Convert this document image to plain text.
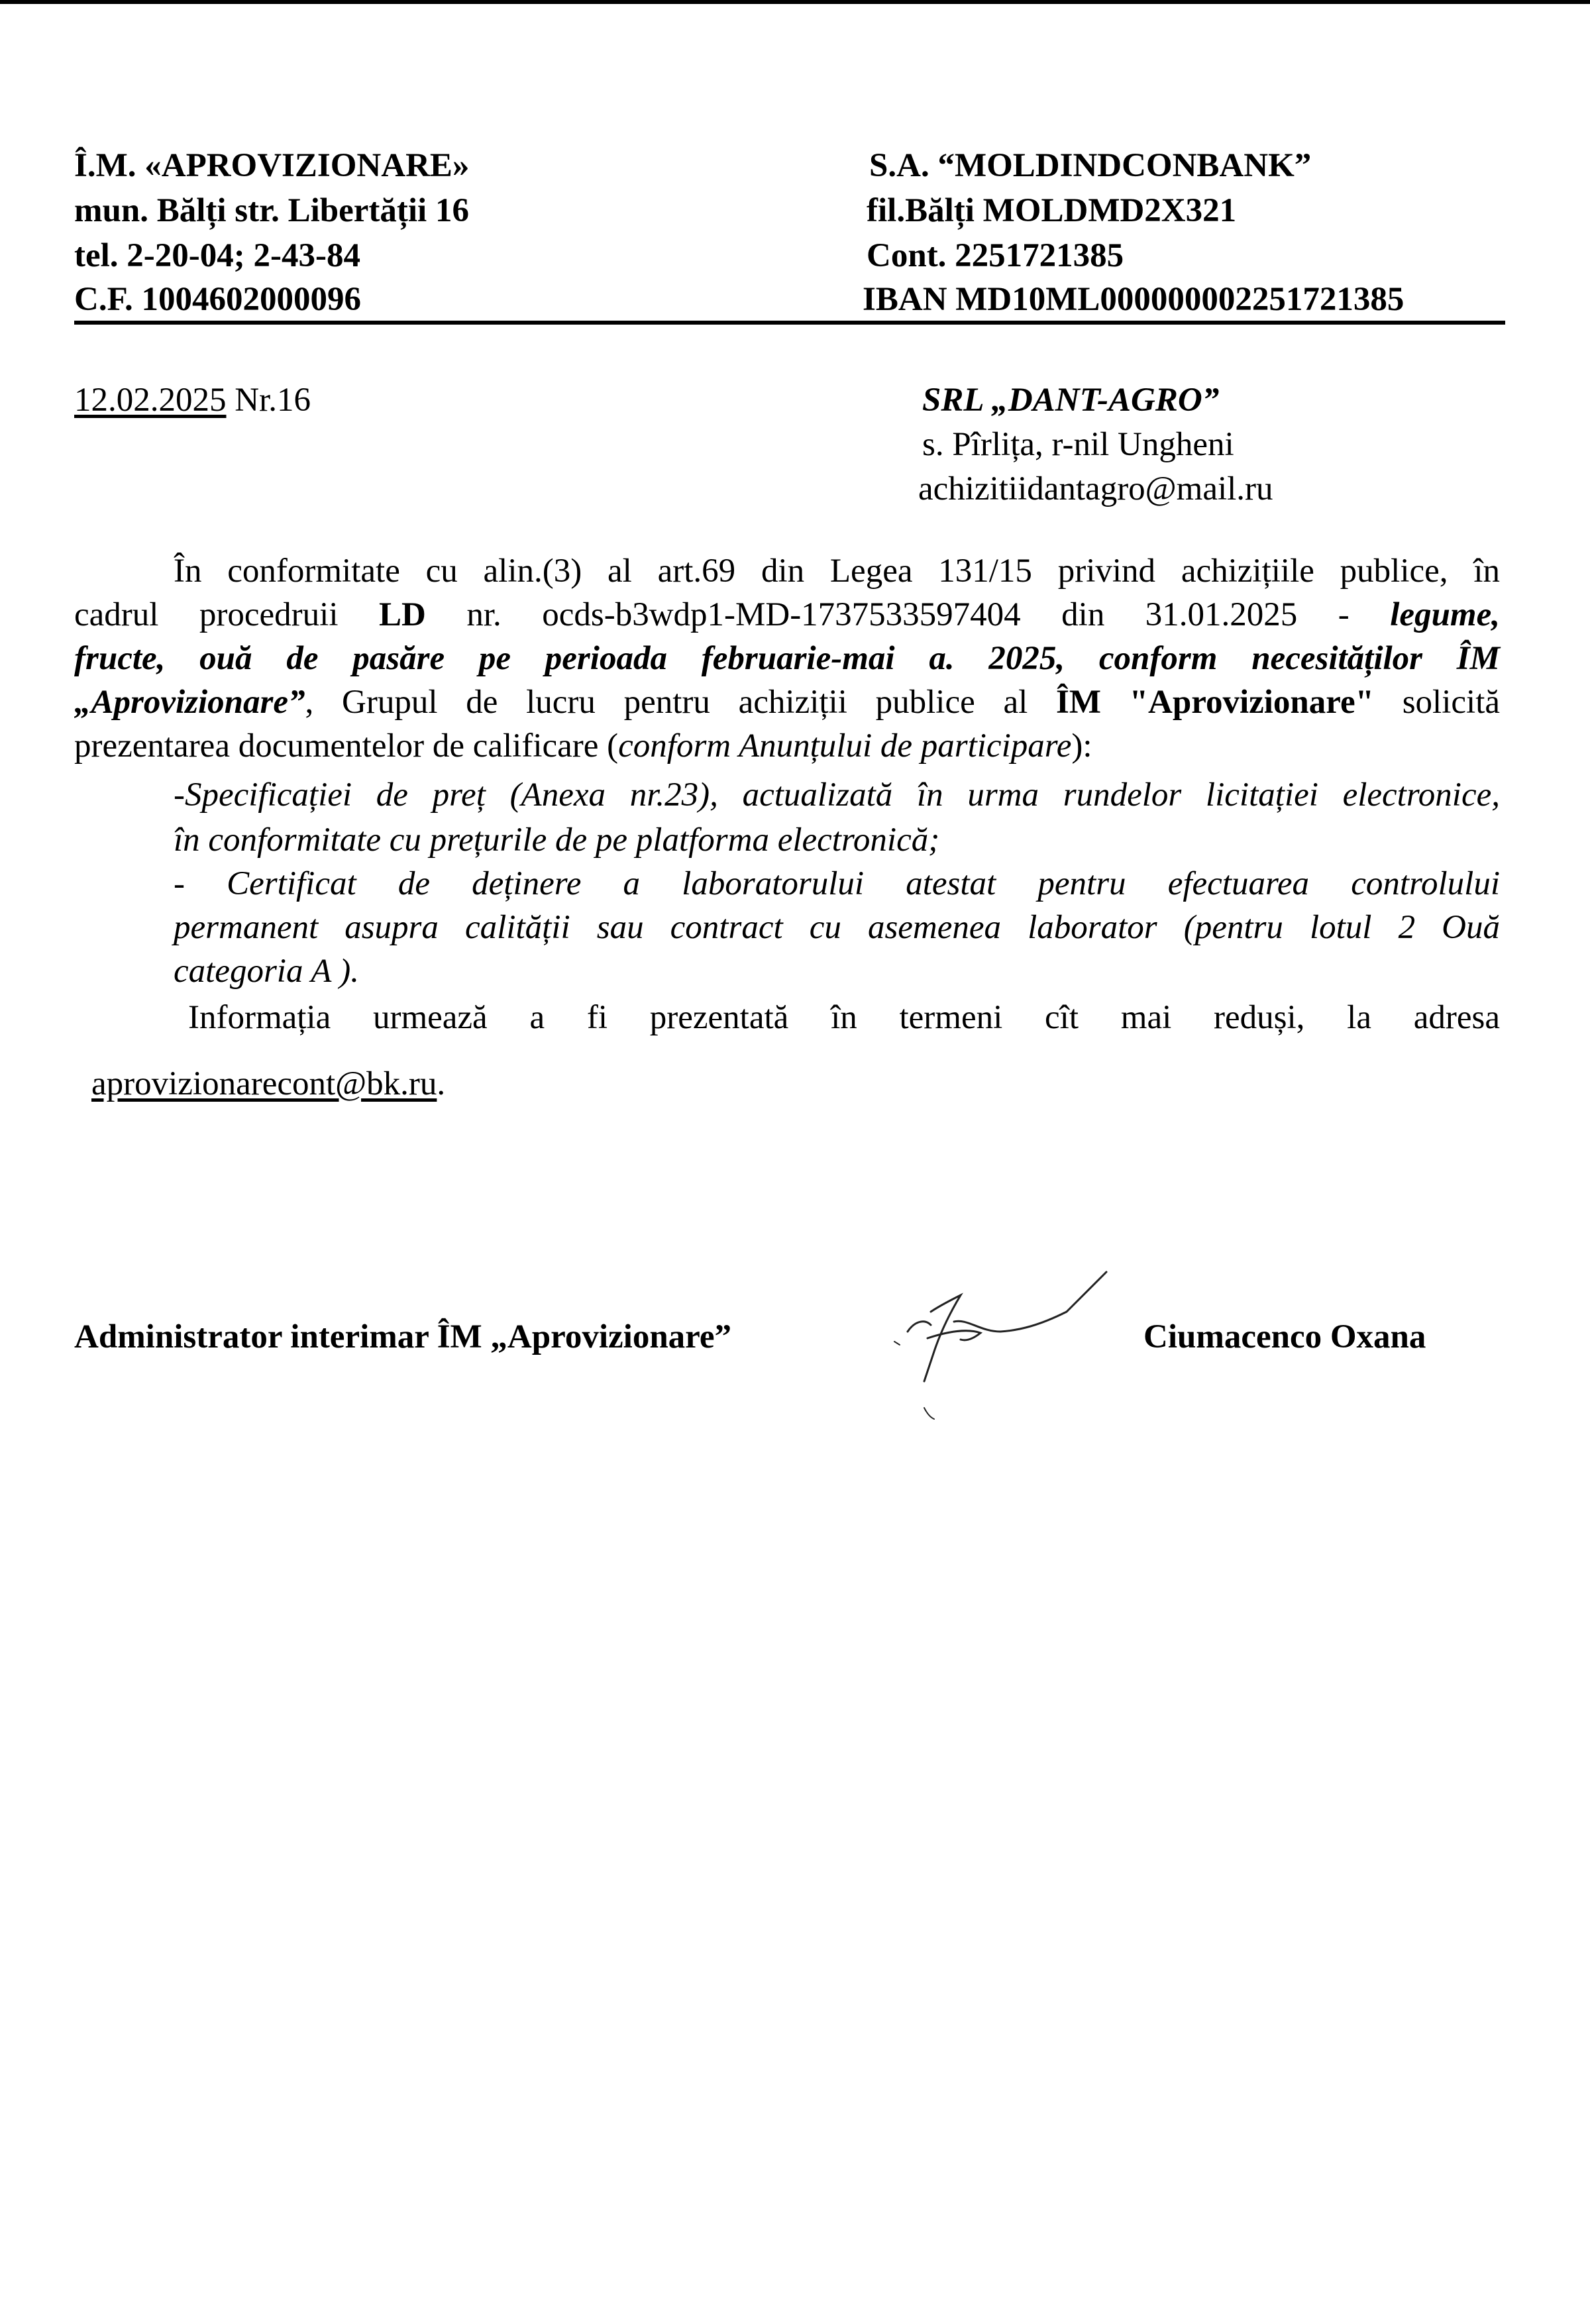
Î.M. «APROVIZIONARE»
mun. Bălți str. Libertății 16
tel. 2-20-04; 2-43-84
C.F. 1004602000096
S.A. “MOLDINDCONBANK”
fil.Bălți MOLDMD2X321
Cont. 2251721385
IBAN MD10ML000000002251721385
12.02.2025 Nr.16	SRL „DANT-AGRO”
s. Pîrlița, r-nil Ungheni
achizitiidantagro@mail.ru
În conformitate cu alin.(3) al art.69 din Legea 131/15 privind achizițiile publice, în
cadrul procedruii LD nr. ocds-b3wdp1-MD-1737533597404 din 31.01.2025 - legume,
fructe, ouă de pasăre pe perioada februarie-mai a. 2025, conform necesităților ÎM
„Aprovizionare”, Grupul de lucru pentru achiziții publice al ÎM "Aprovizionare" solicită
prezentarea documentelor de calificare (conform Anunțului de participare):
-Specificației de preț (Anexa nr.23), actualizată în urma rundelor licitației electronice,
în conformitate cu prețurile de pe platforma electronică;
- Certificat de deținere a laboratorului atestat pentru efectuarea controlului
permanent asupra calității sau contract cu asemenea laborator (pentru lotul 2 Ouă
categoria A ).
Informația urmează a fi prezentată în termeni cît mai reduși, la adresa
aprovizionarecont@bk.ru.
Administrator interimar ÎM „Aprovizionare”	Ciumacenco Oxana
